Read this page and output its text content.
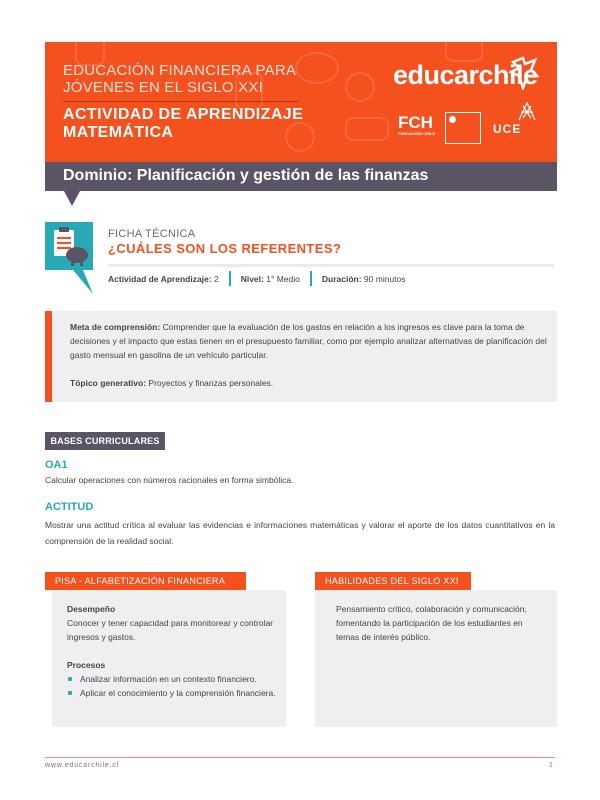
EDUCACIÓN FINANCIERA PARA
JÓVENES EN EL SIGLO XXI
ACTIVIDAD DE APRENDIZAJE
MATEMÁTICA
educarchile
FCH
FUNDACIÓN CHILE	UCE
Dominio: Planificación y gestión de las finanzas
FICHA TÉCNICA
¿CUÁLES SON LOS REFERENTES?
Actividad de Aprendizaje: 2	Nivel: 1° Medio	Duración: 90 minutos

Meta de comprensión: Comprender que la evaluación de los gastos en relación a los ingresos es clave para la toma de decisiones y el impacto que estas tienen en el presupuesto familiar, como por ejemplo analizar alternativas de planificación del gasto mensual en gasolina de un vehículo particular.

Tópico generativo: Proyectos y finanzas personales.

BASES CURRICULARES
OA1
Calcular operaciones con números racionales en forma simbólica.
ACTITUD
Mostrar una actitud crítica al evaluar las evidencias e informaciones matemáticas y valorar el aporte de los datos cuantitativos en la comprensión de la realidad social.
PISA - ALFABETIZACIÓN FINANCIERA
Desempeño
Conocer y tener capacidad para monitorear y controlar ingresos y gastos.
Procesos
Analizar información en un contexto financiero.
Aplicar el conocimiento y la comprensión financiera.
HABILIDADES DEL SIGLO XXI
Pensamiento crítico, colaboración y comunicación, fomentando la participación de los estudiantes en temas de interés público.
www.educarchile.cl	1
